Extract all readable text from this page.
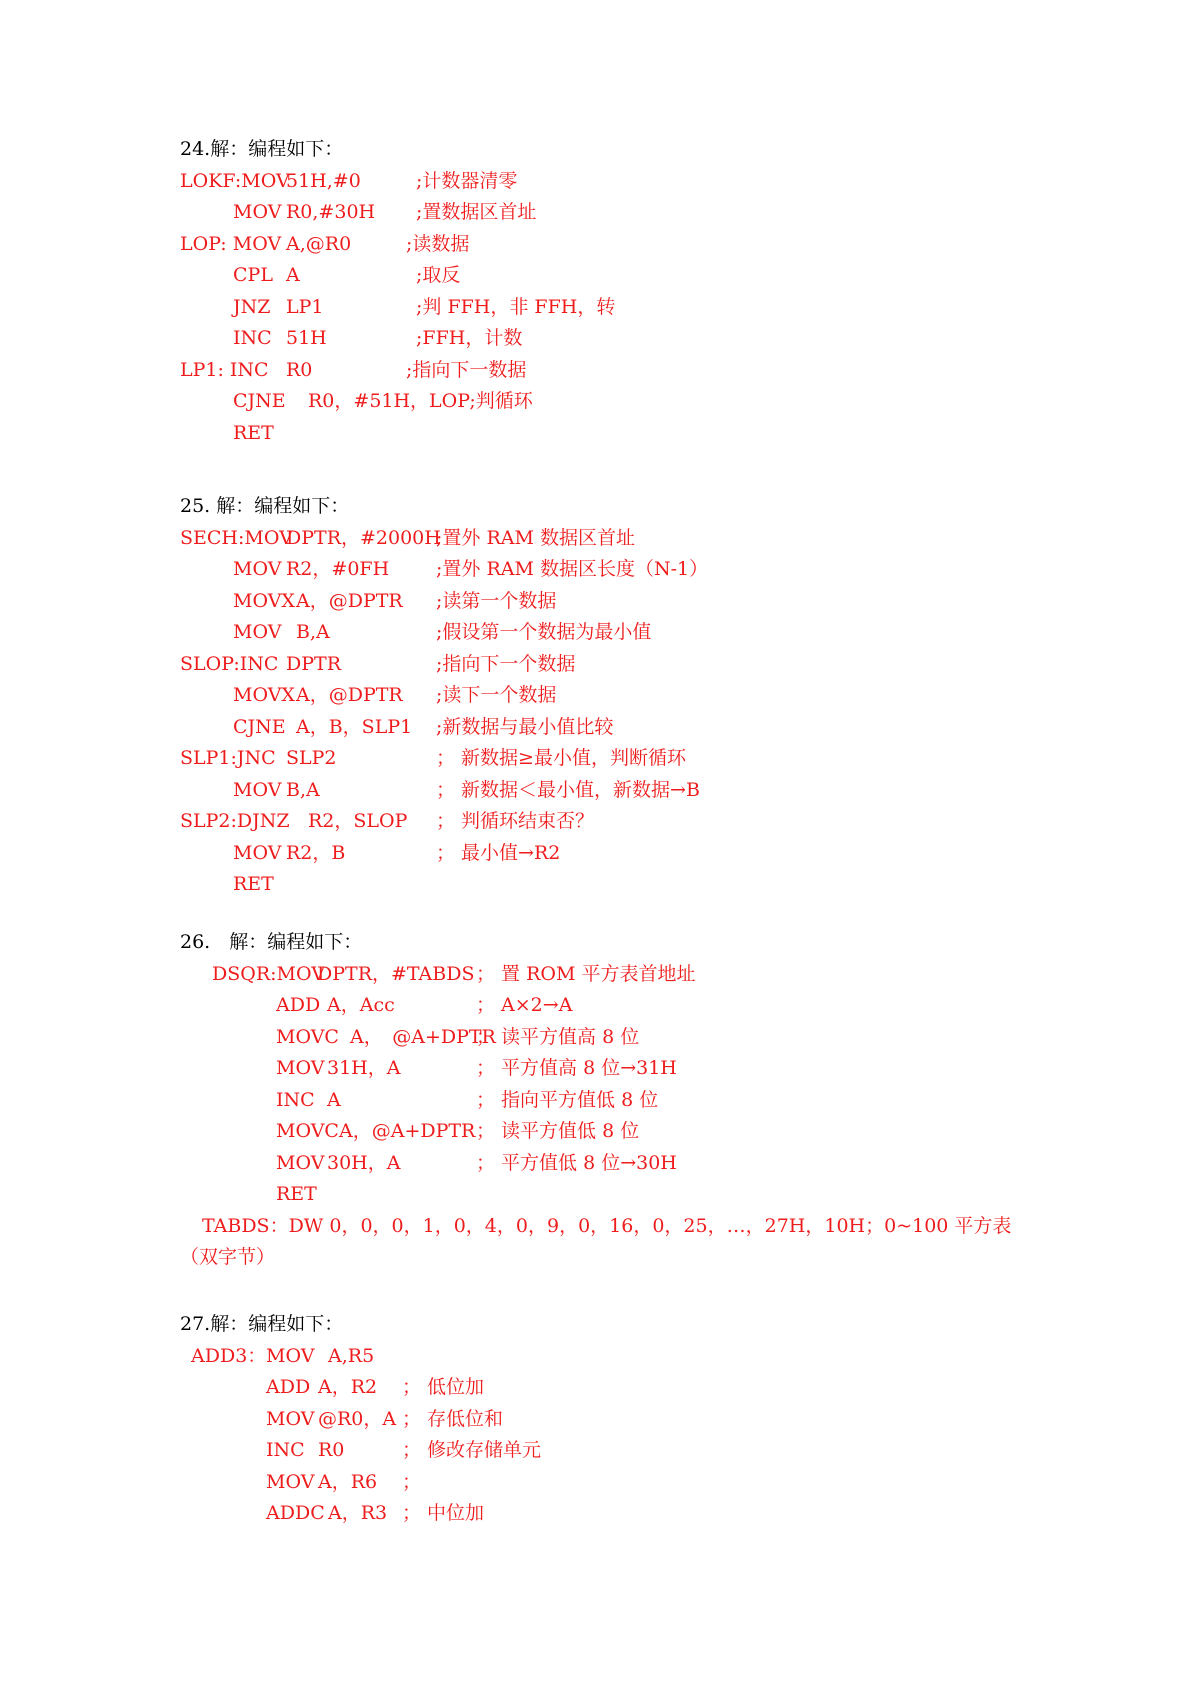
24.解：编程如下：
LOKF:MOV
51H,#0	;计数器清零
MOV R0,#30H ;置数据区首址
LOP: MOV A,@R0	;读数据
CPL A	;取反
JNZ LP1	;判 FFH，非 FFH，转
INC 51H	;FFH，计数
LP1: INC R0	;指向下一数据
CJNE R0，#51H，LOP;判循环
RET
25. 解：编程如下：
SECH:MOV
DPTR，#2000H
;置外 RAM 数据区首址
MOV R2，#0FH ;置外 RAM 数据区长度（N-1）
MOVX A，@DPTR ;读第一个数据
MOV B,A	;假设第一个数据为最小值
SLOP:INC DPTR	;指向下一个数据
MOVX A，@DPTR ;读下一个数据
CJNE A，B，SLP1 ;新数据与最小值比较
SLP1:JNC SLP2	； 新数据≥最小值，判断循环
MOV B,A	； 新数据＜最小值，新数据→B
SLP2:DJNZ R2，SLOP ； 判循环结束否？
MOV R2，B	； 最小值→R2
RET
26.　解：编程如下：
DSQR:MOV
DPTR，#TABDS ； 置 ROM 平方表首地址
ADD A，Acc	； A×2→A
MOVC A，　@A+DPTR
； 读平方值高 8 位
MOV 31H，A	； 平方值高 8 位→31H
INC A	； 指向平方值低 8 位
MOVC A，@A+DPTR ； 读平方值低 8 位
MOV 30H，A	； 平方值低 8 位→30H
RET
TABDS：DW 0，0，0，1，0，4，0，9，0，16，0，25，…，27H，10H；0~100 平方表（双字节）
27.解：编程如下：
ADD3： MOV A,R5
ADD A，R2 ； 低位加
MOV @R0，A ； 存低位和
INC R0	； 修改存储单元
MOV A，R6 ；
ADDC A，R3 ； 中位加
